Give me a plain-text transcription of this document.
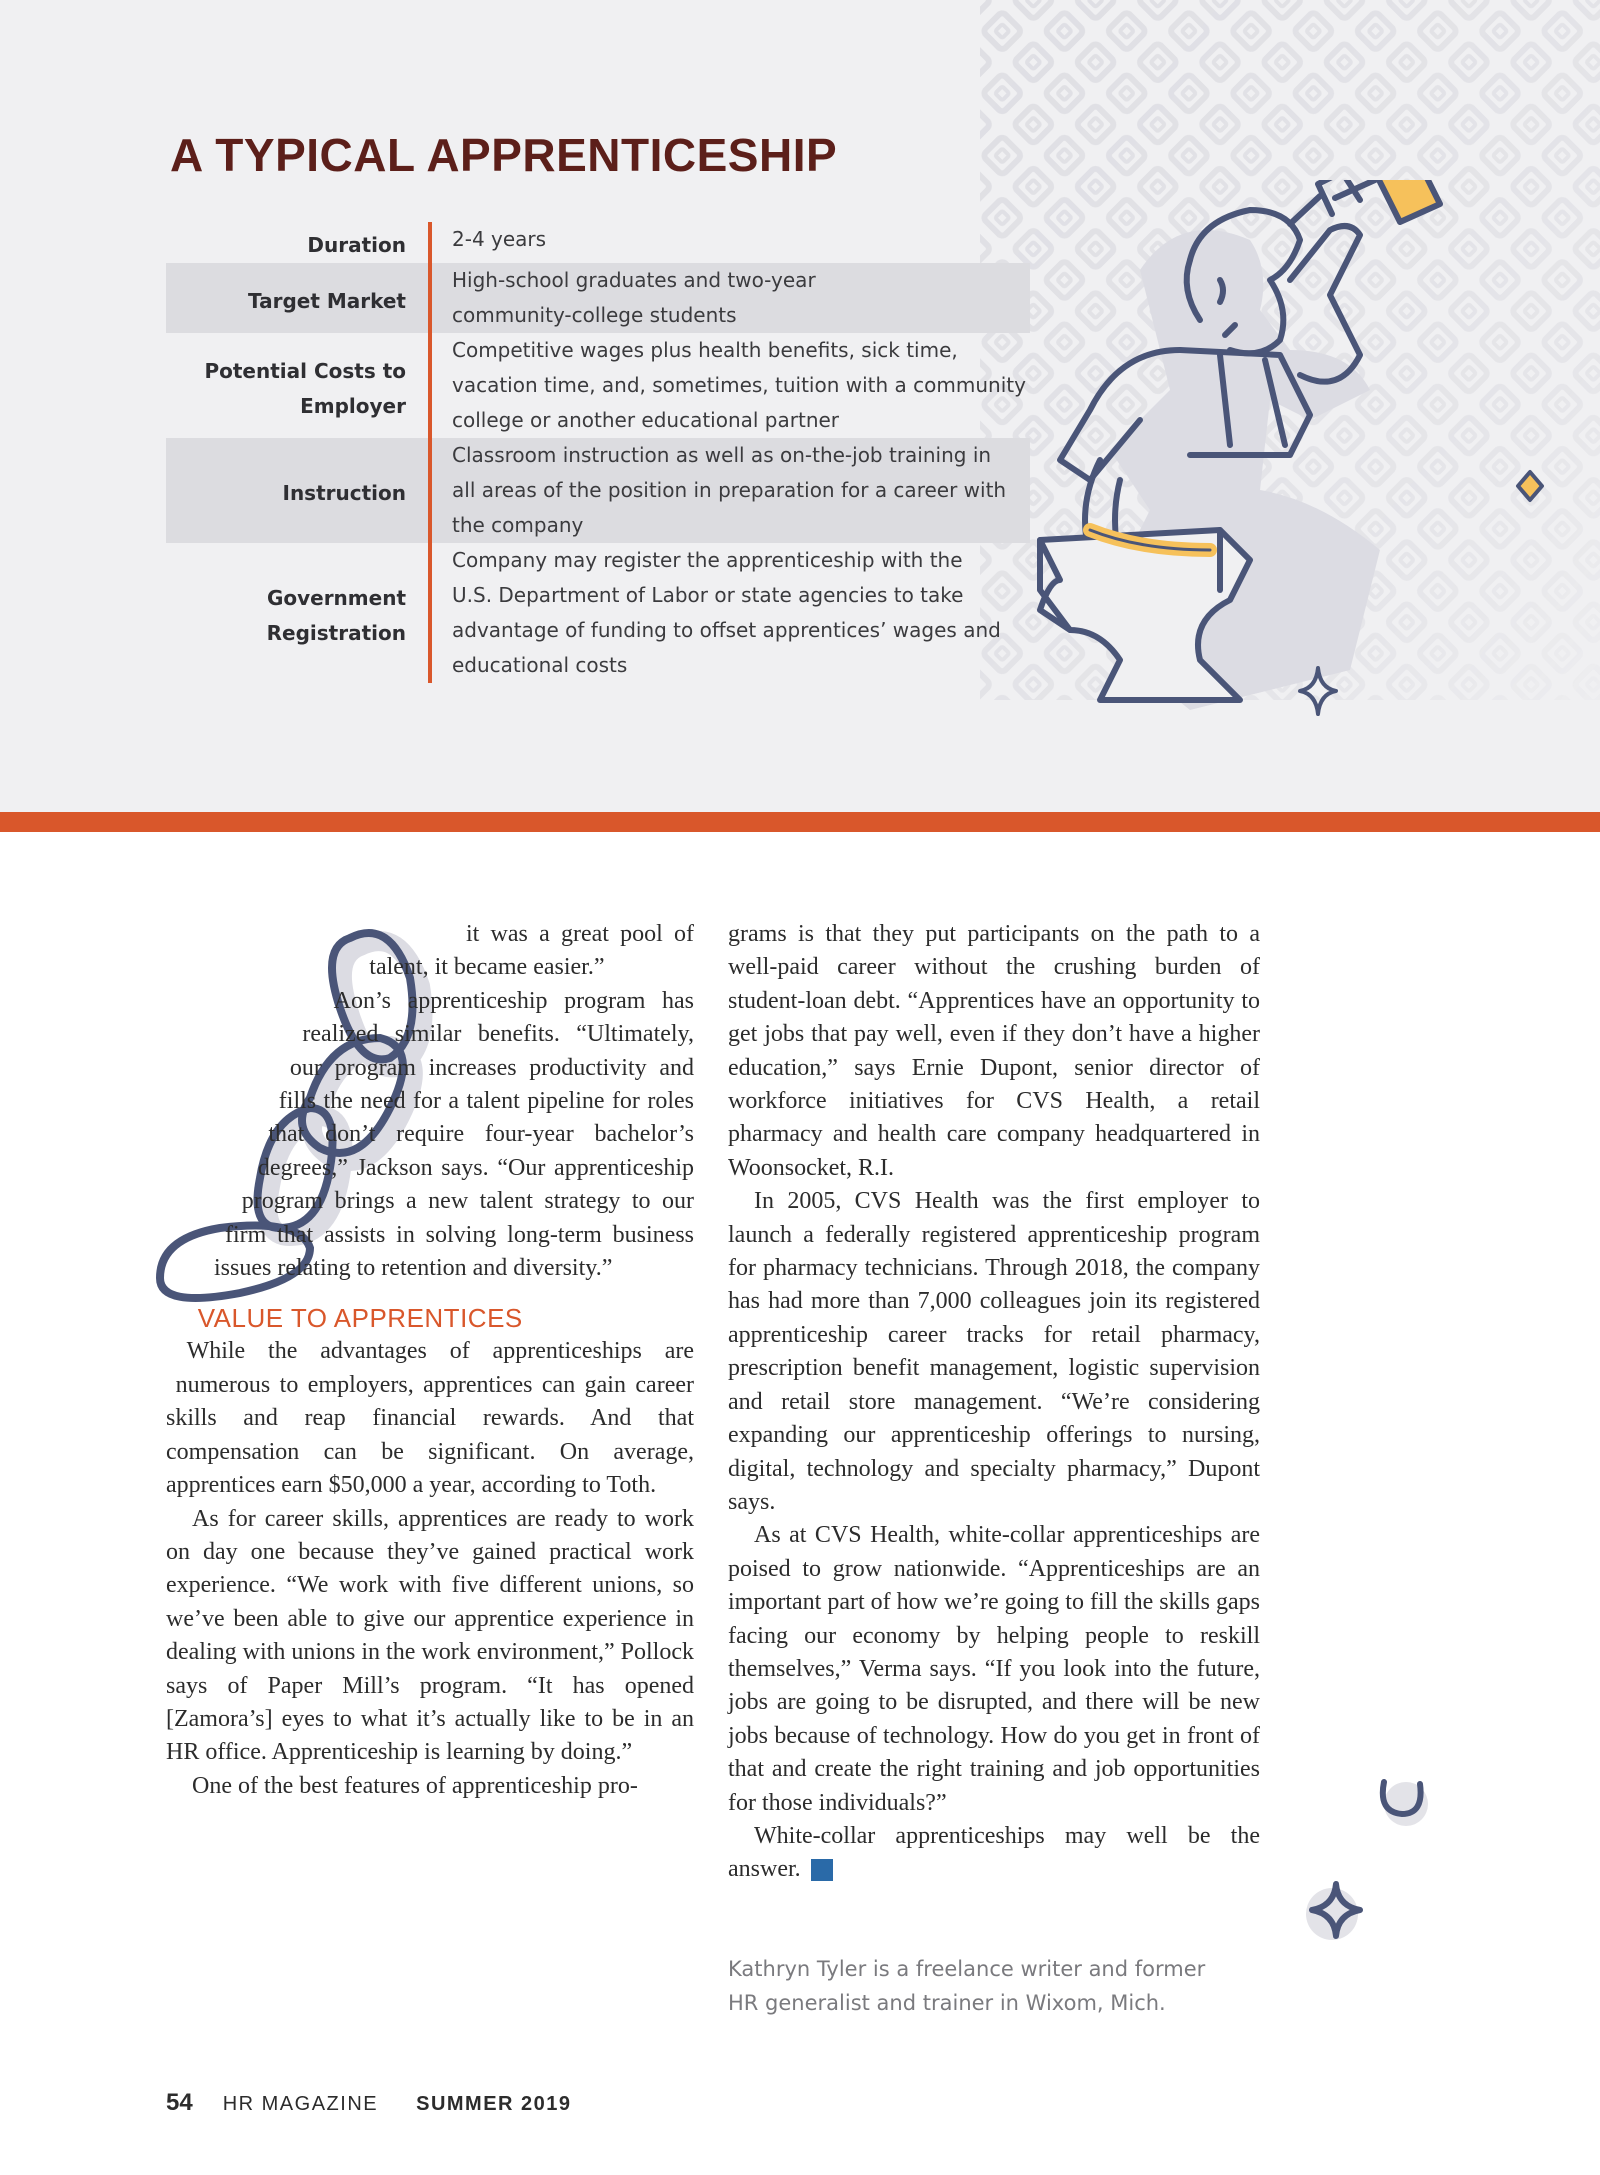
A TYPICAL APPRENTICESHIP
Duration 2-4 years
Target Market
High-school graduates and two-year
community-college students
Potential Costs to
Employer
Competitive wages plus health benefits, sick time,
vacation time, and, sometimes, tuition with a community
college or another educational partner
Instruction
Classroom instruction as well as on-the-job training in
all areas of the position in preparation for a career with
the company
Government
Registration
Company may register the apprenticeship with the
U.S. Department of Labor or state agencies to take
advantage of funding to offset apprentices’ wages and
educational costs

it was a great pool of talent, it became easier.”

Aon’s apprenticeship program has realized similar benefits. “Ultimately, our program increases productivity and fills the need for a talent pipeline for roles that don’t require four-year bachelor’s degrees,” Jackson says. “Our apprenticeship program brings a new talent strategy to our firm that assists in solving long-term business issues relating to retention and diversity.”

VALUE TO APPRENTICES

While the advantages of apprenticeships are numerous to employers, apprentices can gain career skills and reap financial rewards. And that compensation can be significant. On average, apprentices earn $50,000 a year, according to Toth.

As for career skills, apprentices are ready to work on day one because they’ve gained practical work experience. “We work with five different unions, so we’ve been able to give our apprentice experience in dealing with unions in the work environment,” Pollock says of Paper Mill’s program. “It has opened [Zamora’s] eyes to what it’s actually like to be in an HR office. Apprenticeship is learning by doing.”

One of the best features of apprenticeship pro-

grams is that they put participants on the path to a well-paid career without the crushing burden of student-loan debt. “Apprentices have an opportunity to get jobs that pay well, even if they don’t have a higher education,” says Ernie Dupont, senior director of workforce initiatives for CVS Health, a retail pharmacy and health care company headquartered in Woonsocket, R.I.

In 2005, CVS Health was the first employer to launch a federally registered apprenticeship program for pharmacy technicians. Through 2018, the company has had more than 7,000 colleagues join its registered apprenticeship career tracks for retail pharmacy, prescription benefit management, logistic supervision and retail store management. “We’re considering expanding our apprenticeship offerings to nursing, digital, technology and specialty pharmacy,” Dupont says.

As at CVS Health, white-collar apprenticeships are poised to grow nationwide. “Apprenticeships are an important part of how we’re going to fill the skills gaps facing our economy by helping people to reskill themselves,” Verma says. “If you look into the future, jobs are going to be disrupted, and there will be new jobs because of technology. How do you get in front of that and create the right training and job opportunities for those individuals?”

White-collar apprenticeships may well be the answer.	HR

Kathryn Tyler is a freelance writer and former
HR generalist and trainer in Wixom, Mich.
54 HR MAGAZINE SUMMER 2019
